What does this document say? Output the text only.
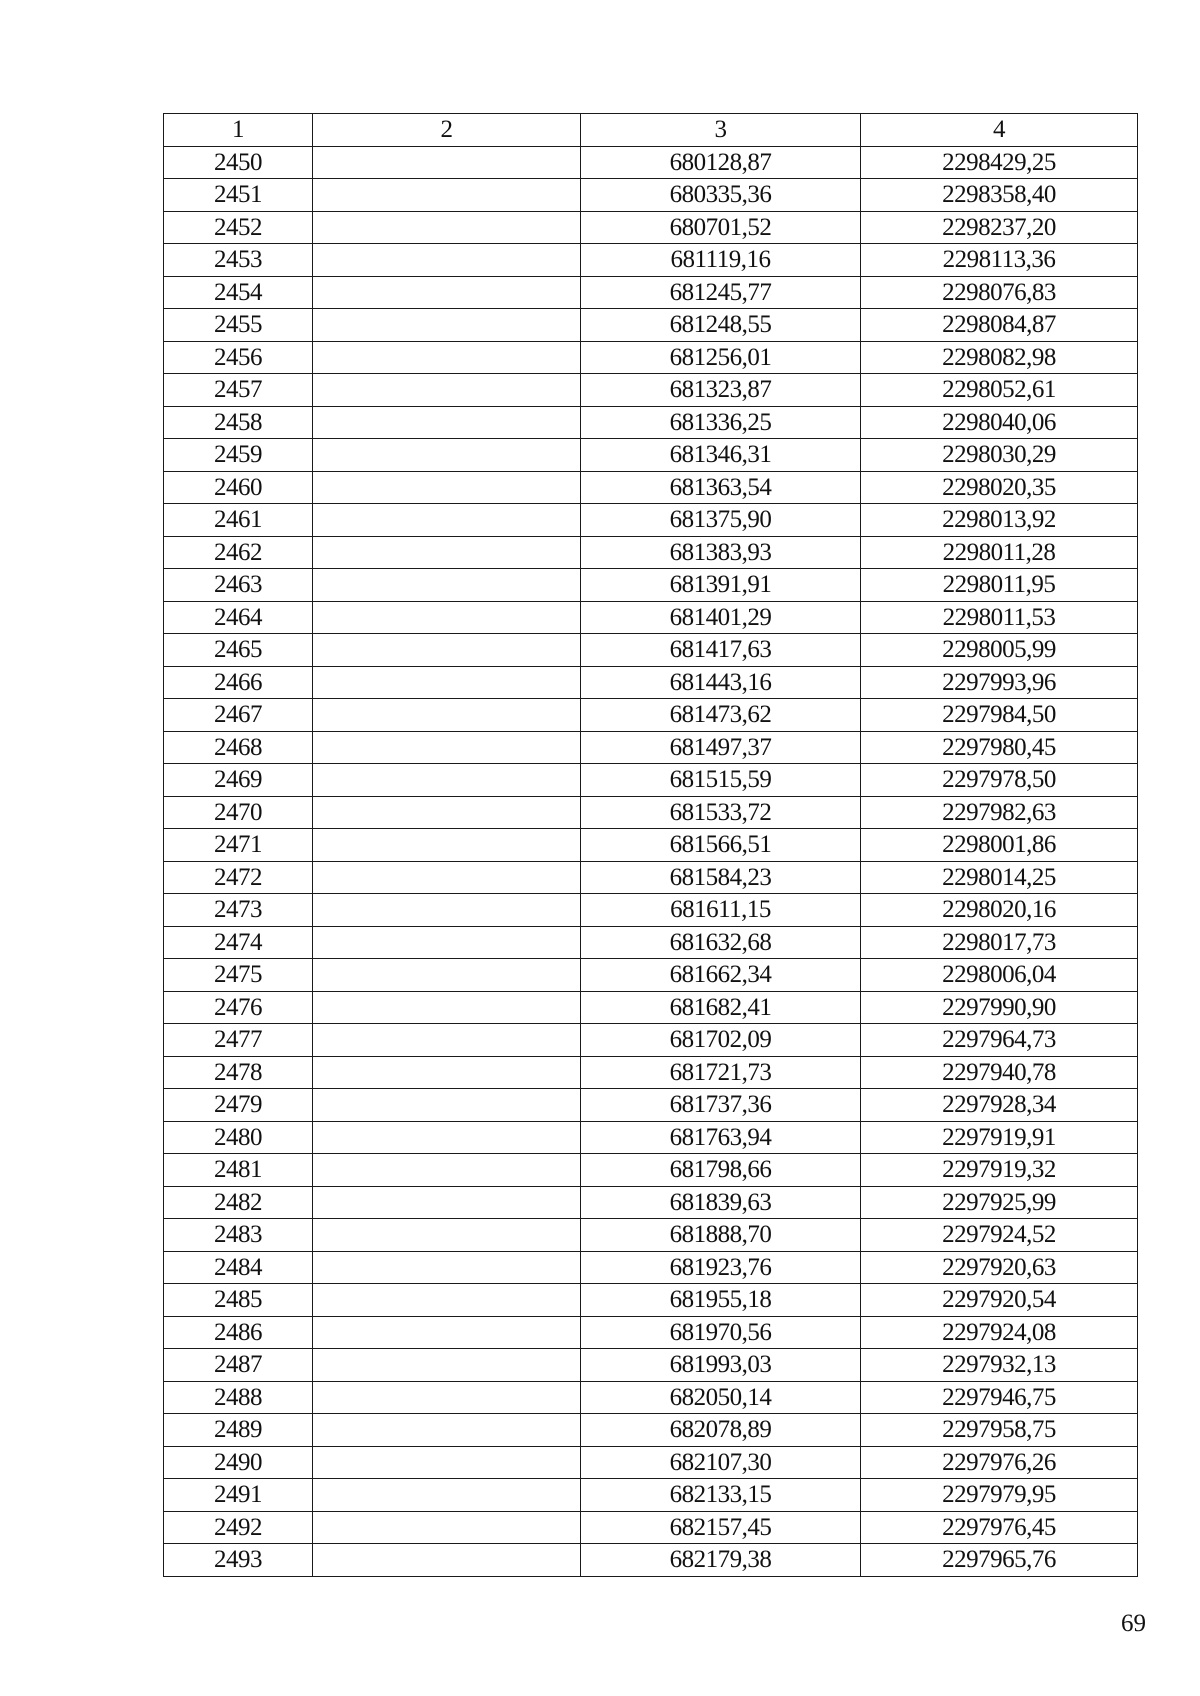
1	2	3	4
2450		680128,87	2298429,25
2451		680335,36	2298358,40
2452		680701,52	2298237,20
2453		681119,16	2298113,36
2454		681245,77	2298076,83
2455		681248,55	2298084,87
2456		681256,01	2298082,98
2457		681323,87	2298052,61
2458		681336,25	2298040,06
2459		681346,31	2298030,29
2460		681363,54	2298020,35
2461		681375,90	2298013,92
2462		681383,93	2298011,28
2463		681391,91	2298011,95
2464		681401,29	2298011,53
2465		681417,63	2298005,99
2466		681443,16	2297993,96
2467		681473,62	2297984,50
2468		681497,37	2297980,45
2469		681515,59	2297978,50
2470		681533,72	2297982,63
2471		681566,51	2298001,86
2472		681584,23	2298014,25
2473		681611,15	2298020,16
2474		681632,68	2298017,73
2475		681662,34	2298006,04
2476		681682,41	2297990,90
2477		681702,09	2297964,73
2478		681721,73	2297940,78
2479		681737,36	2297928,34
2480		681763,94	2297919,91
2481		681798,66	2297919,32
2482		681839,63	2297925,99
2483		681888,70	2297924,52
2484		681923,76	2297920,63
2485		681955,18	2297920,54
2486		681970,56	2297924,08
2487		681993,03	2297932,13
2488		682050,14	2297946,75
2489		682078,89	2297958,75
2490		682107,30	2297976,26
2491		682133,15	2297979,95
2492		682157,45	2297976,45
2493		682179,38	2297965,76
69
